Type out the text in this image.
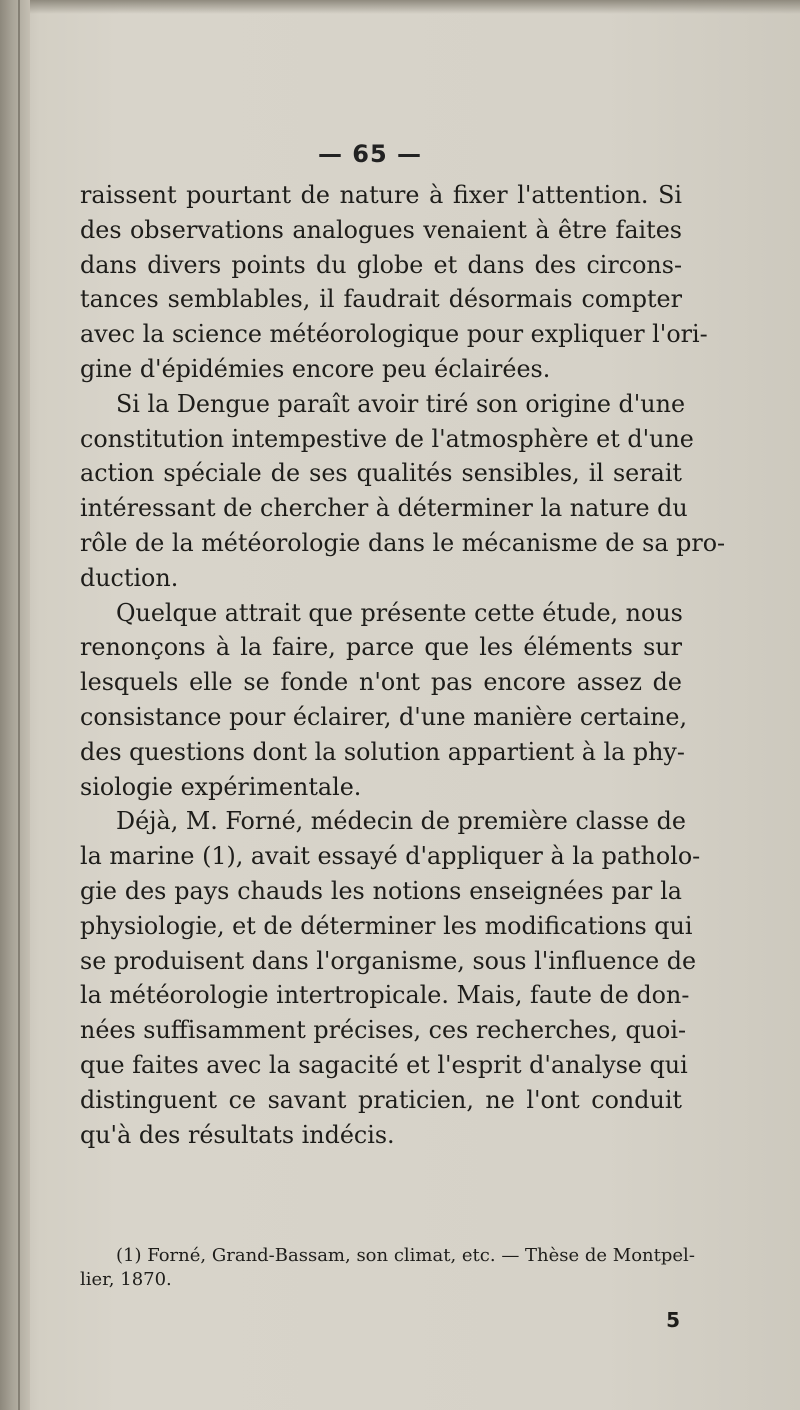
— 65 —

raissent pourtant de nature à fixer l'attention. Si
des observations analogues venaient à être faites
dans divers points du globe et dans des circons-
tances semblables, il faudrait désormais compter
avec la science météorologique pour expliquer l'ori-
gine d'épidémies encore peu éclairées.

Si la Dengue paraît avoir tiré son origine d'une
constitution intempestive de l'atmosphère et d'une
action spéciale de ses qualités sensibles, il serait
intéressant de chercher à déterminer la nature du
rôle de la météorologie dans le mécanisme de sa pro-
duction.

Quelque attrait que présente cette étude, nous
renonçons à la faire, parce que les éléments sur
lesquels elle se fonde n'ont pas encore assez de
consistance pour éclairer, d'une manière certaine,
des questions dont la solution appartient à la phy-
siologie expérimentale.

Déjà, M. Forné, médecin de première classe de
la marine (1), avait essayé d'appliquer à la patholo-
gie des pays chauds les notions enseignées par la
physiologie, et de déterminer les modifications qui
se produisent dans l'organisme, sous l'influence de
la météorologie intertropicale. Mais, faute de don-
nées suffisamment précises, ces recherches, quoi-
que faites avec la sagacité et l'esprit d'analyse qui
distinguent ce savant praticien, ne l'ont conduit
qu'à des résultats indécis.

(1) Forné, Grand-Bassam, son climat, etc. — Thèse de Montpel-
lier, 1870.
5
